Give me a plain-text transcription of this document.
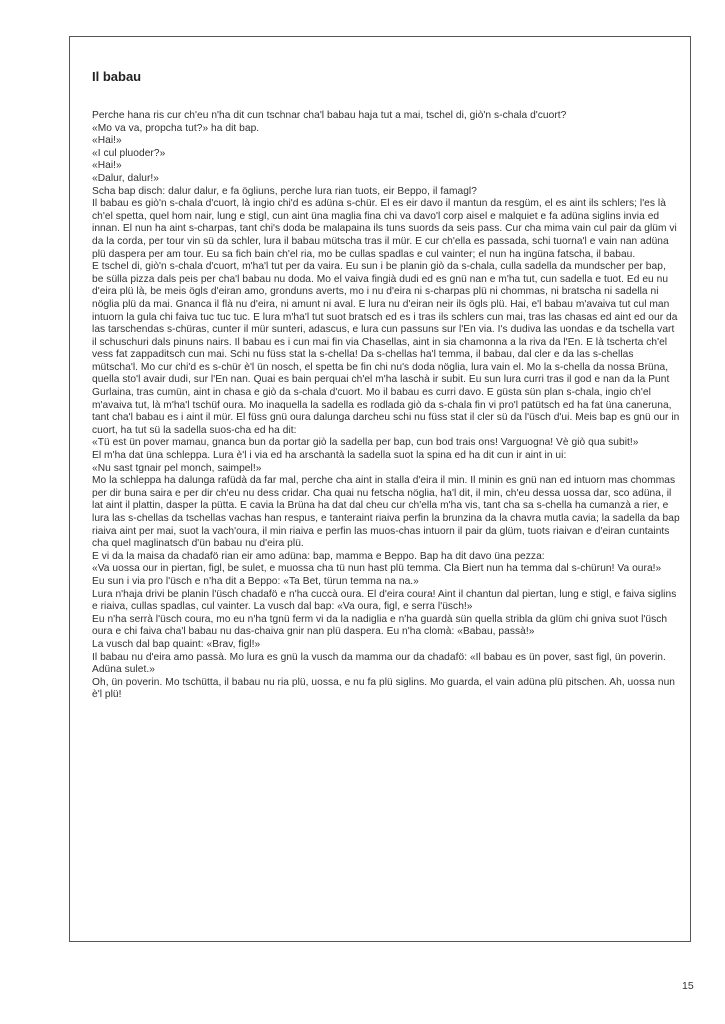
Il babau

Perche hana ris cur ch'eu n'ha dit cun tschnar cha'l babau haja tut a mai, tschel di, giò'n s-chala d'cuort?

«Mo va va, propcha tut?» ha dit bap.

«Hai!»

«I cul pluoder?»

«Hai!»

«Dalur, dalur!»

Scha bap disch: dalur dalur, e fa ögliuns, perche lura rian tuots, eir Beppo, il famagl?

Il babau es giò'n s-chala d'cuort, là ingio chi'd es adüna s-chür. El es eir davo il mantun da resgüm, el es aint ils schlers; l'es là ch'el spetta, quel hom nair, lung e stigl, cun aint üna maglia fina chi va davo'l corp aisel e malquiet e fa adüna siglins invia ed innan. El nun ha aint s-charpas, tant chi's doda be malapaina ils tuns suords da seis pass. Cur cha mima vain cul pair da glüm vi da la corda, per tour vin sü da schler, lura il babau mütscha tras il mür. E cur ch'ella es passada, schi tuorna'l e vain nan adüna plü daspera per am tour. Eu sa fich bain ch'el ria, mo be cullas spadlas e cul vainter; el nun ha ingüna fatscha, il babau.

E tschel di, giò'n s-chala d'cuort, m'ha'l tut per da vaira. Eu sun i be planin giò da s-chala, culla sadella da mundscher per bap, be sülla pizza dals peis per cha'l babau nu doda. Mo el vaiva fingià dudi ed es gnü nan e m'ha tut, cun sadella e tuot. Ed eu nu d'eira plü là, be meis ögls d'eiran amo, gronduns averts, mo i nu d'eira ni s-charpas plü ni chommas, ni bratscha ni sadella ni nöglia plü da mai. Gnanca il flà nu d'eira, ni amunt ni aval. E lura nu d'eiran neir ils ögls plü. Hai, e'l babau m'avaiva tut cul man intuorn la gula chi faiva tuc tuc tuc. E lura m'ha'l tut suot bratsch ed es i tras ils schlers cun mai, tras las chasas ed aint ed our da las tarschendas s-chüras, cunter il mür sunteri, adascus, e lura cun passuns sur l'En via. I's dudiva las uondas e da tschella vart il schuschuri dals pinuns nairs. Il babau es i cun mai fin via Chasellas, aint in sia chamonna a la riva da l'En. E là tscherta ch'el vess fat zappaditsch cun mai. Schi nu füss stat la s-chella! Da s-chellas ha'l temma, il babau, dal cler e da las s-chellas mütscha'l. Mo cur chi'd es s-chür è'l ün nosch, el spetta be fin chi nu's doda nöglia, lura vain el. Mo la s-chella da nossa Brüna, quella sto'l avair dudi, sur l'En nan. Quai es bain perquai ch'el m'ha laschà ir subit. Eu sun lura curri tras il god e nan da la Punt Gurlaina, tras cumün, aint in chasa e giò da s-chala d'cuort. Mo il babau es curri davo. E güsta sün plan s-chala, ingio ch'el m'avaiva tut, là m'ha'l tschüf oura. Mo inaquella la sadella es rodlada giò da s-chala fin vi pro'l patütsch ed ha fat üna caneruna, tant cha'l babau es i aint il mür. El füss gnü oura dalunga darcheu schi nu füss stat il cler sü da l'üsch d'ui. Meis bap es gnü our in cuort, ha tut sü la sadella suos-cha ed ha dit:

«Tü est ün pover mamau, gnanca bun da portar giò la sadella per bap, cun bod trais ons! Varguogna! Vè giò qua subit!»

El m'ha dat üna schleppa. Lura è'l i via ed ha arschantà la sadella suot la spina ed ha dit cun ir aint in ui:

«Nu sast tgnair pel monch, saimpel!»

Mo la schleppa ha dalunga rafüdà da far mal, perche cha aint in stalla d'eira il min. Il minin es gnü nan ed intuorn mas chommas per dir buna saira e per dir ch'eu nu dess cridar. Cha quai nu fetscha nöglia, ha'l dit, il min, ch'eu dessa uossa dar, sco adüna, il lat aint il plattin, dasper la pütta. E cavia la Brüna ha dat dal cheu cur ch'ella m'ha vis, tant cha sa s-chella ha cumanzà a rier, e lura las s-chellas da tschellas vachas han respus, e tanteraint riaiva perfin la brunzina da la chavra mutla cavia; la sadella da bap riaiva aint per mai, suot la vach'oura, il min riaiva e perfin las muos-chas intuorn il pair da glüm, tuots riaivan e d'eiran cuntaints cha quel maglinatsch d'ün babau nu d'eira plü.

E vi da la maisa da chadafö rian eir amo adüna: bap, mamma e Beppo. Bap ha dit davo üna pezza:

«Va uossa our in piertan, figl, be sulet, e muossa cha tü nun hast plü temma. Cla Biert nun ha temma dal s-chürun! Va oura!»

Eu sun i via pro l'üsch e n'ha dit a Beppo: «Ta Bet, türun temma na na.»

Lura n'haja drivi be planin l'üsch chadafö e n'ha cuccà oura. El d'eira coura! Aint il chantun dal piertan, lung e stigl, e faiva siglins e riaiva, cullas spadlas, cul vainter. La vusch dal bap: «Va oura, figl, e serra l'üsch!»

Eu n'ha serrà l'üsch coura, mo eu n'ha tgnü ferm vi da la nadiglia e n'ha guardà sün quella stribla da glüm chi gniva suot l'üsch oura e chi faiva cha'l babau nu das-chaiva gnir nan plü daspera. Eu n'ha clomà: «Babau, passà!»

La vusch dal bap quaint: «Brav, figl!»

Il babau nu d'eira amo passà. Mo lura es gnü la vusch da mamma our da chadafö: «Il babau es ün pover, sast figl, ün poverin. Adüna sulet.»

Oh, ün poverin. Mo tschütta, il babau nu ria plü, uossa, e nu fa plü siglins. Mo guarda, el vain adüna plü pitschen. Ah, uossa nun è'l plü!

15
